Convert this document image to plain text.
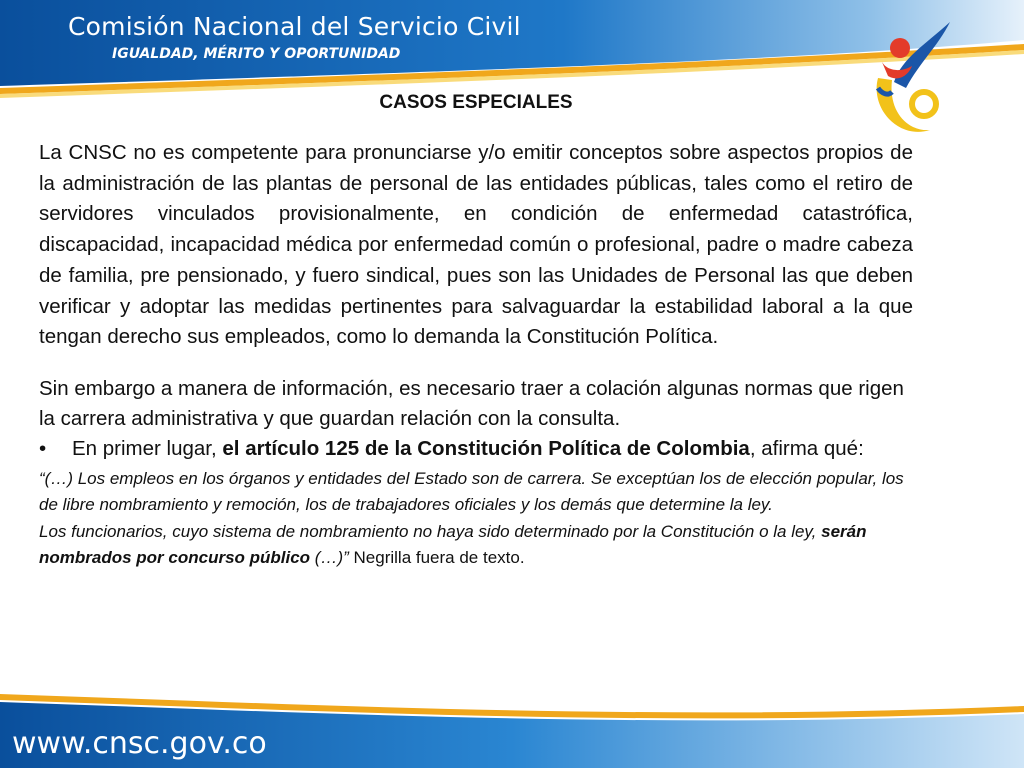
Comisión Nacional del Servicio Civil
IGUALDAD, MÉRITO Y OPORTUNIDAD
www.cnsc.gov.co
CASOS ESPECIALES

La CNSC no es competente para pronunciarse y/o emitir conceptos sobre aspectos propios de la administración de las plantas de personal de las entidades públicas, tales como el retiro de servidores vinculados provisionalmente, en condición de enfermedad catastrófica, discapacidad, incapacidad médica por enfermedad común o profesional, padre o madre cabeza de familia, pre pensionado, y fuero sindical, pues son las Unidades de Personal las que deben verificar y adoptar las medidas pertinentes para salvaguardar la estabilidad laboral a la que tengan derecho sus empleados, como lo demanda la Constitución Política.

Sin embargo a manera de información, es necesario traer a colación algunas normas que rigen la carrera administrativa y que guardan relación con la consulta.

• En primer lugar, el artículo 125 de la Constitución Política de Colombia, afirma qué:

“(…) Los empleos en los órganos y entidades del Estado son de carrera. Se exceptúan los de elección popular, los de libre nombramiento y remoción, los de trabajadores oficiales y los demás que determine la ley.
Los funcionarios, cuyo sistema de nombramiento no haya sido determinado por la Constitución o la ley, serán nombrados por concurso público (…)” Negrilla fuera de texto.
